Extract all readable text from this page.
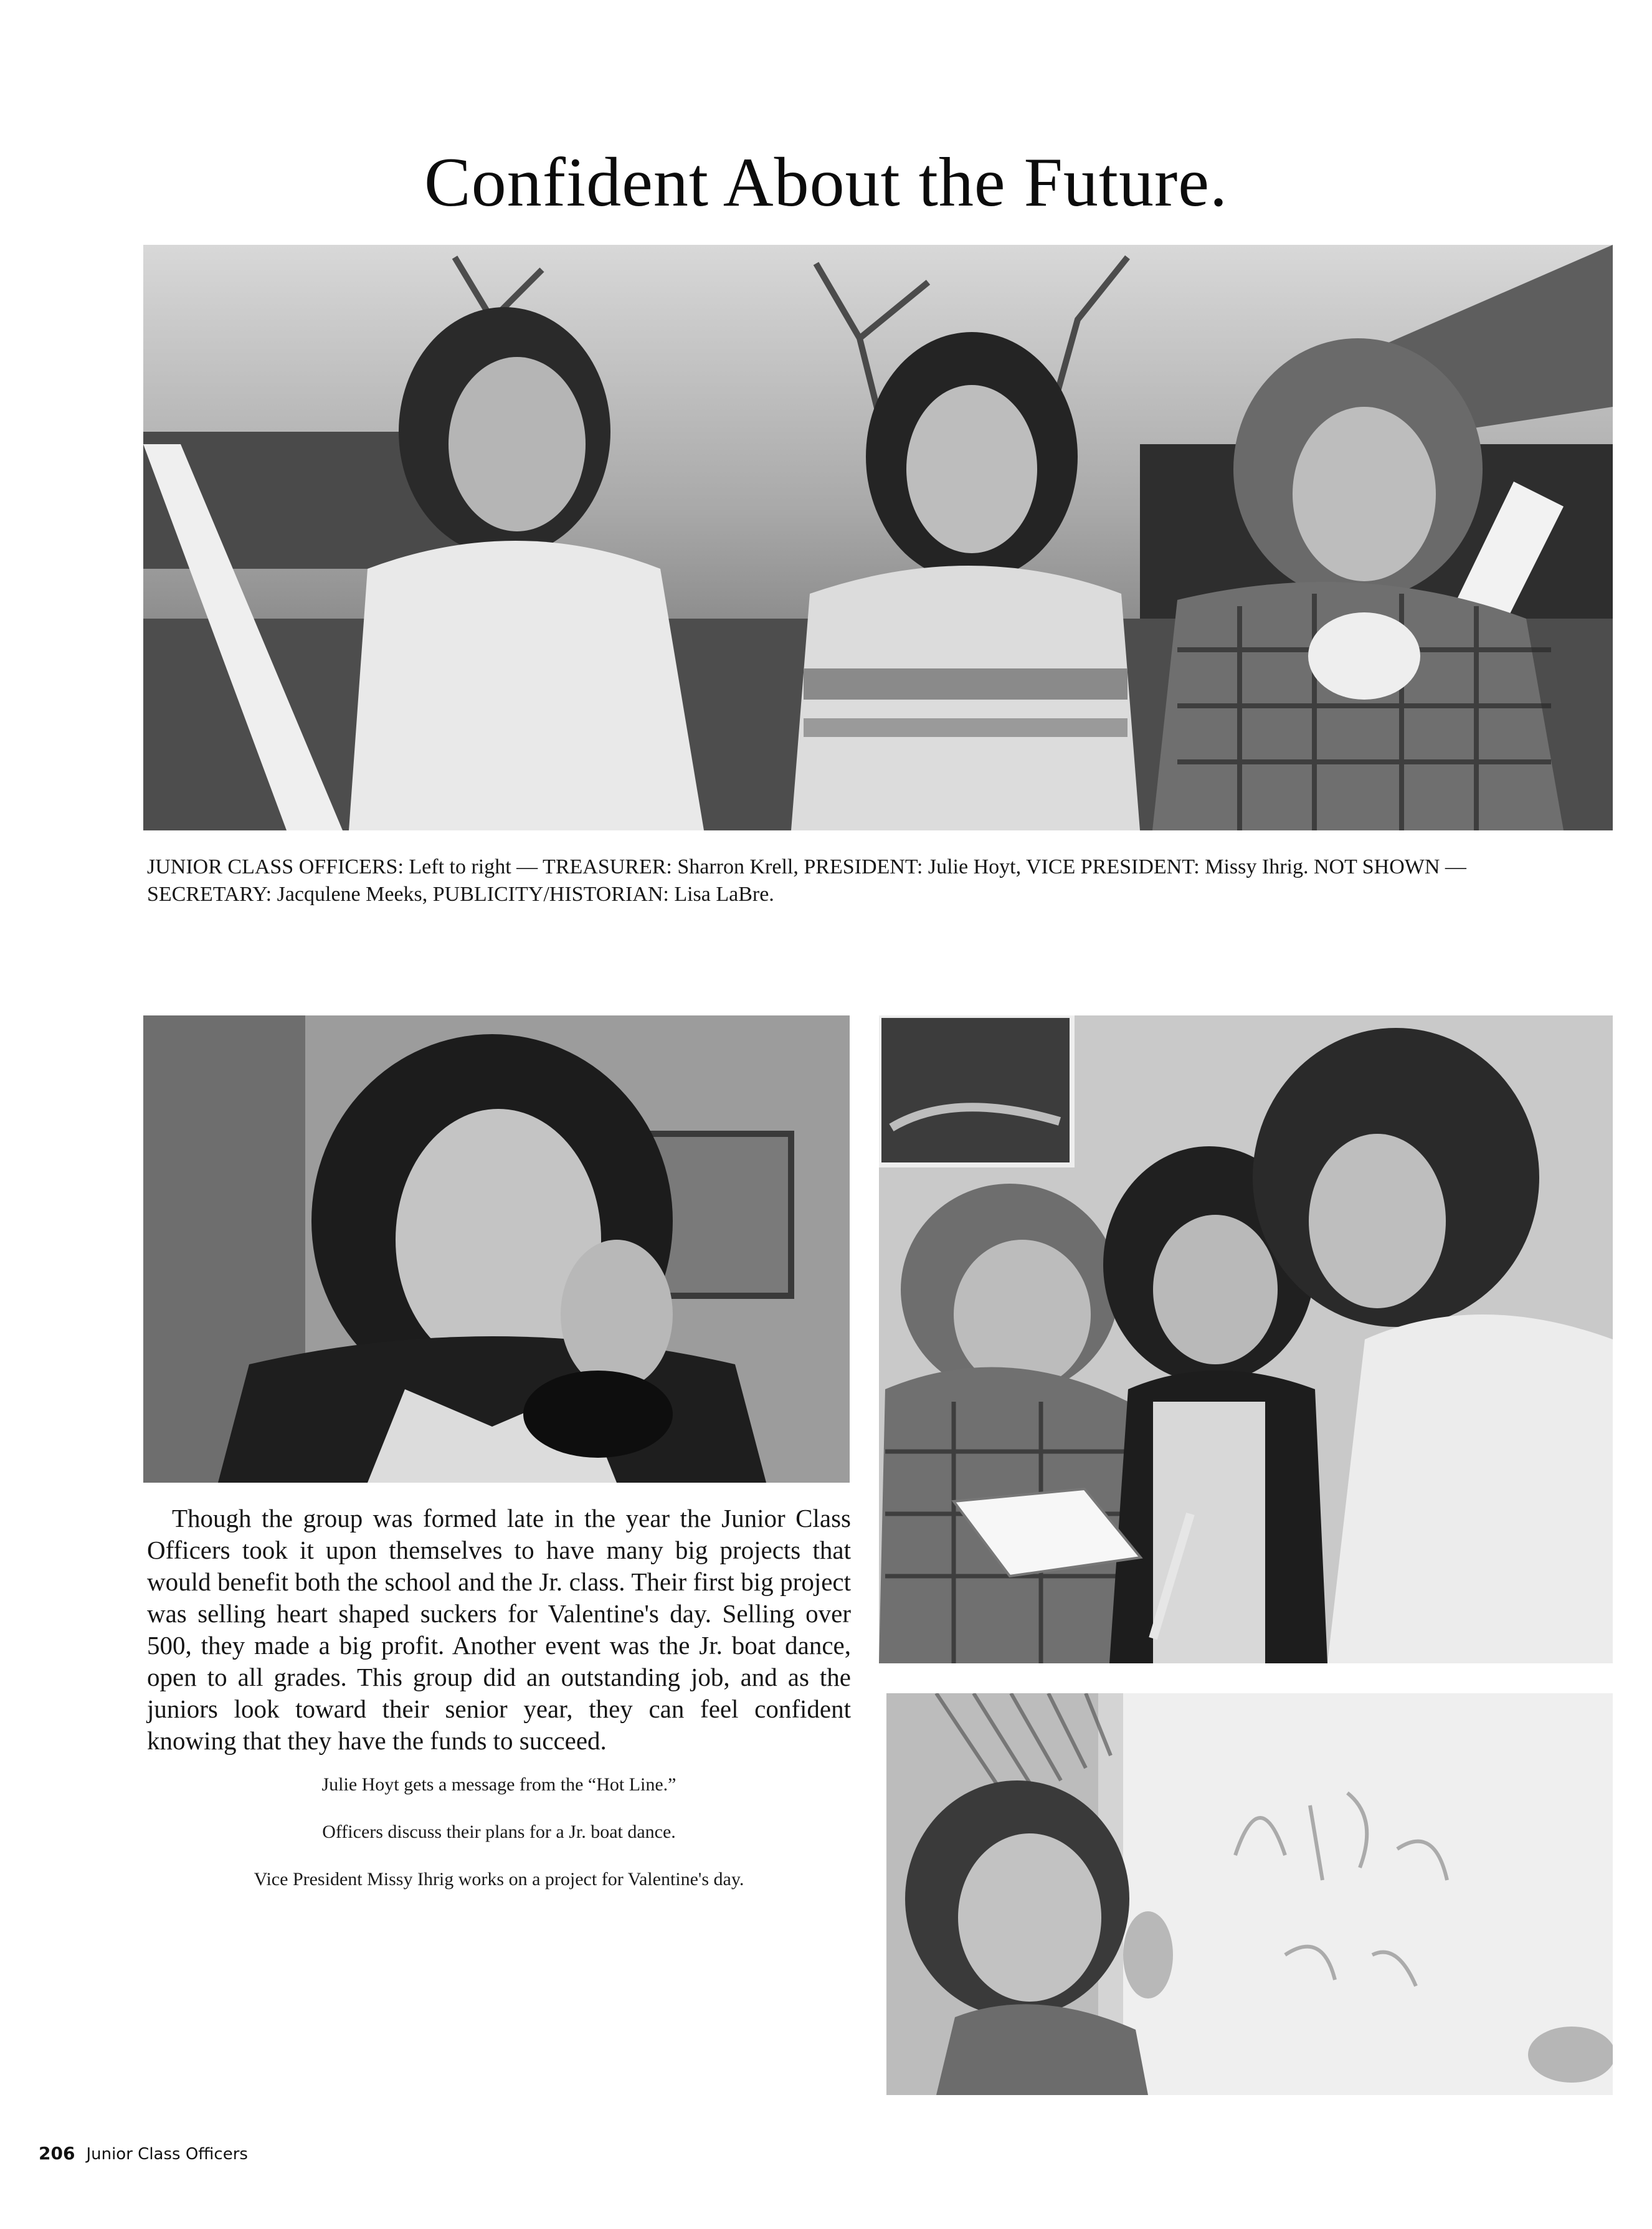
Confident About the Future.
JUNIOR CLASS OFFICERS: Left to right — TREASURER: Sharron Krell, PRESIDENT: Julie Hoyt, VICE PRESIDENT: Missy Ihrig. NOT SHOWN —
SECRETARY: Jacqulene Meeks, PUBLICITY/HISTORIAN: Lisa LaBre.
Though the group was formed late in the year the Junior Class Officers took it upon themselves to have many big projects that would benefit both the school and the Jr. class. Their first big project was selling heart shaped suckers for Valentine's day. Selling over 500, they made a big profit. Another event was the Jr. boat dance, open to all grades. This group did an outstanding job, and as the juniors look toward their senior year, they can feel confident knowing that they have the funds to succeed.
Julie Hoyt gets a message from the “Hot Line.”
Officers discuss their plans for a Jr. boat dance.
Vice President Missy Ihrig works on a project for Valentine's day.
206 Junior Class Officers
